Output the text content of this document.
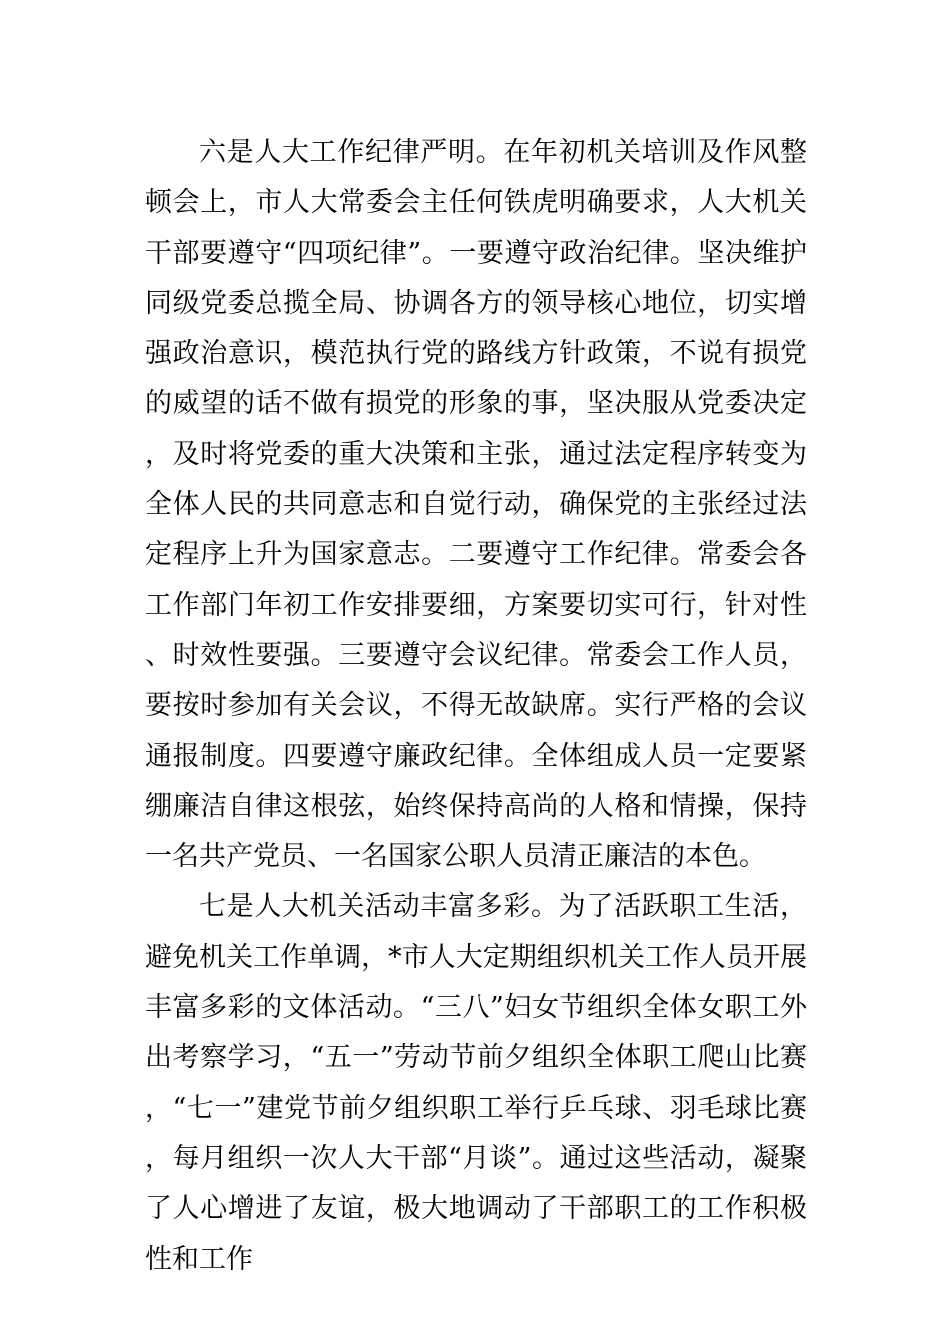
六是人大工作纪律严明。在年初机关培训及作风整顿会上，市人大常委会主任何铁虎明确要求，人大机关干部要遵守“四项纪律”。一要遵守政治纪律。坚决维护同级党委总揽全局、协调各方的领导核心地位，切实增强政治意识，模范执行党的路线方针政策，不说有损党的威望的话不做有损党的形象的事，坚决服从党委决定，及时将党委的重大决策和主张，通过法定程序转变为全体人民的共同意志和自觉行动，确保党的主张经过法定程序上升为国家意志。二要遵守工作纪律。常委会各工作部门年初工作安排要细，方案要切实可行，针对性、时效性要强。三要遵守会议纪律。常委会工作人员，要按时参加有关会议，不得无故缺席。实行严格的会议通报制度。四要遵守廉政纪律。全体组成人员一定要紧绷廉洁自律这根弦，始终保持高尚的人格和情操，保持一名共产党员、一名国家公职人员清正廉洁的本色。

七是人大机关活动丰富多彩。为了活跃职工生活，避免机关工作单调，*市人大定期组织机关工作人员开展丰富多彩的文体活动。“三八”妇女节组织全体女职工外出考察学习，“五一”劳动节前夕组织全体职工爬山比赛，“七一”建党节前夕组织职工举行乒乓球、羽毛球比赛，每月组织一次人大干部“月谈”。通过这些活动，凝聚了人心增进了友谊，极大地调动了干部职工的工作积极性和工作
